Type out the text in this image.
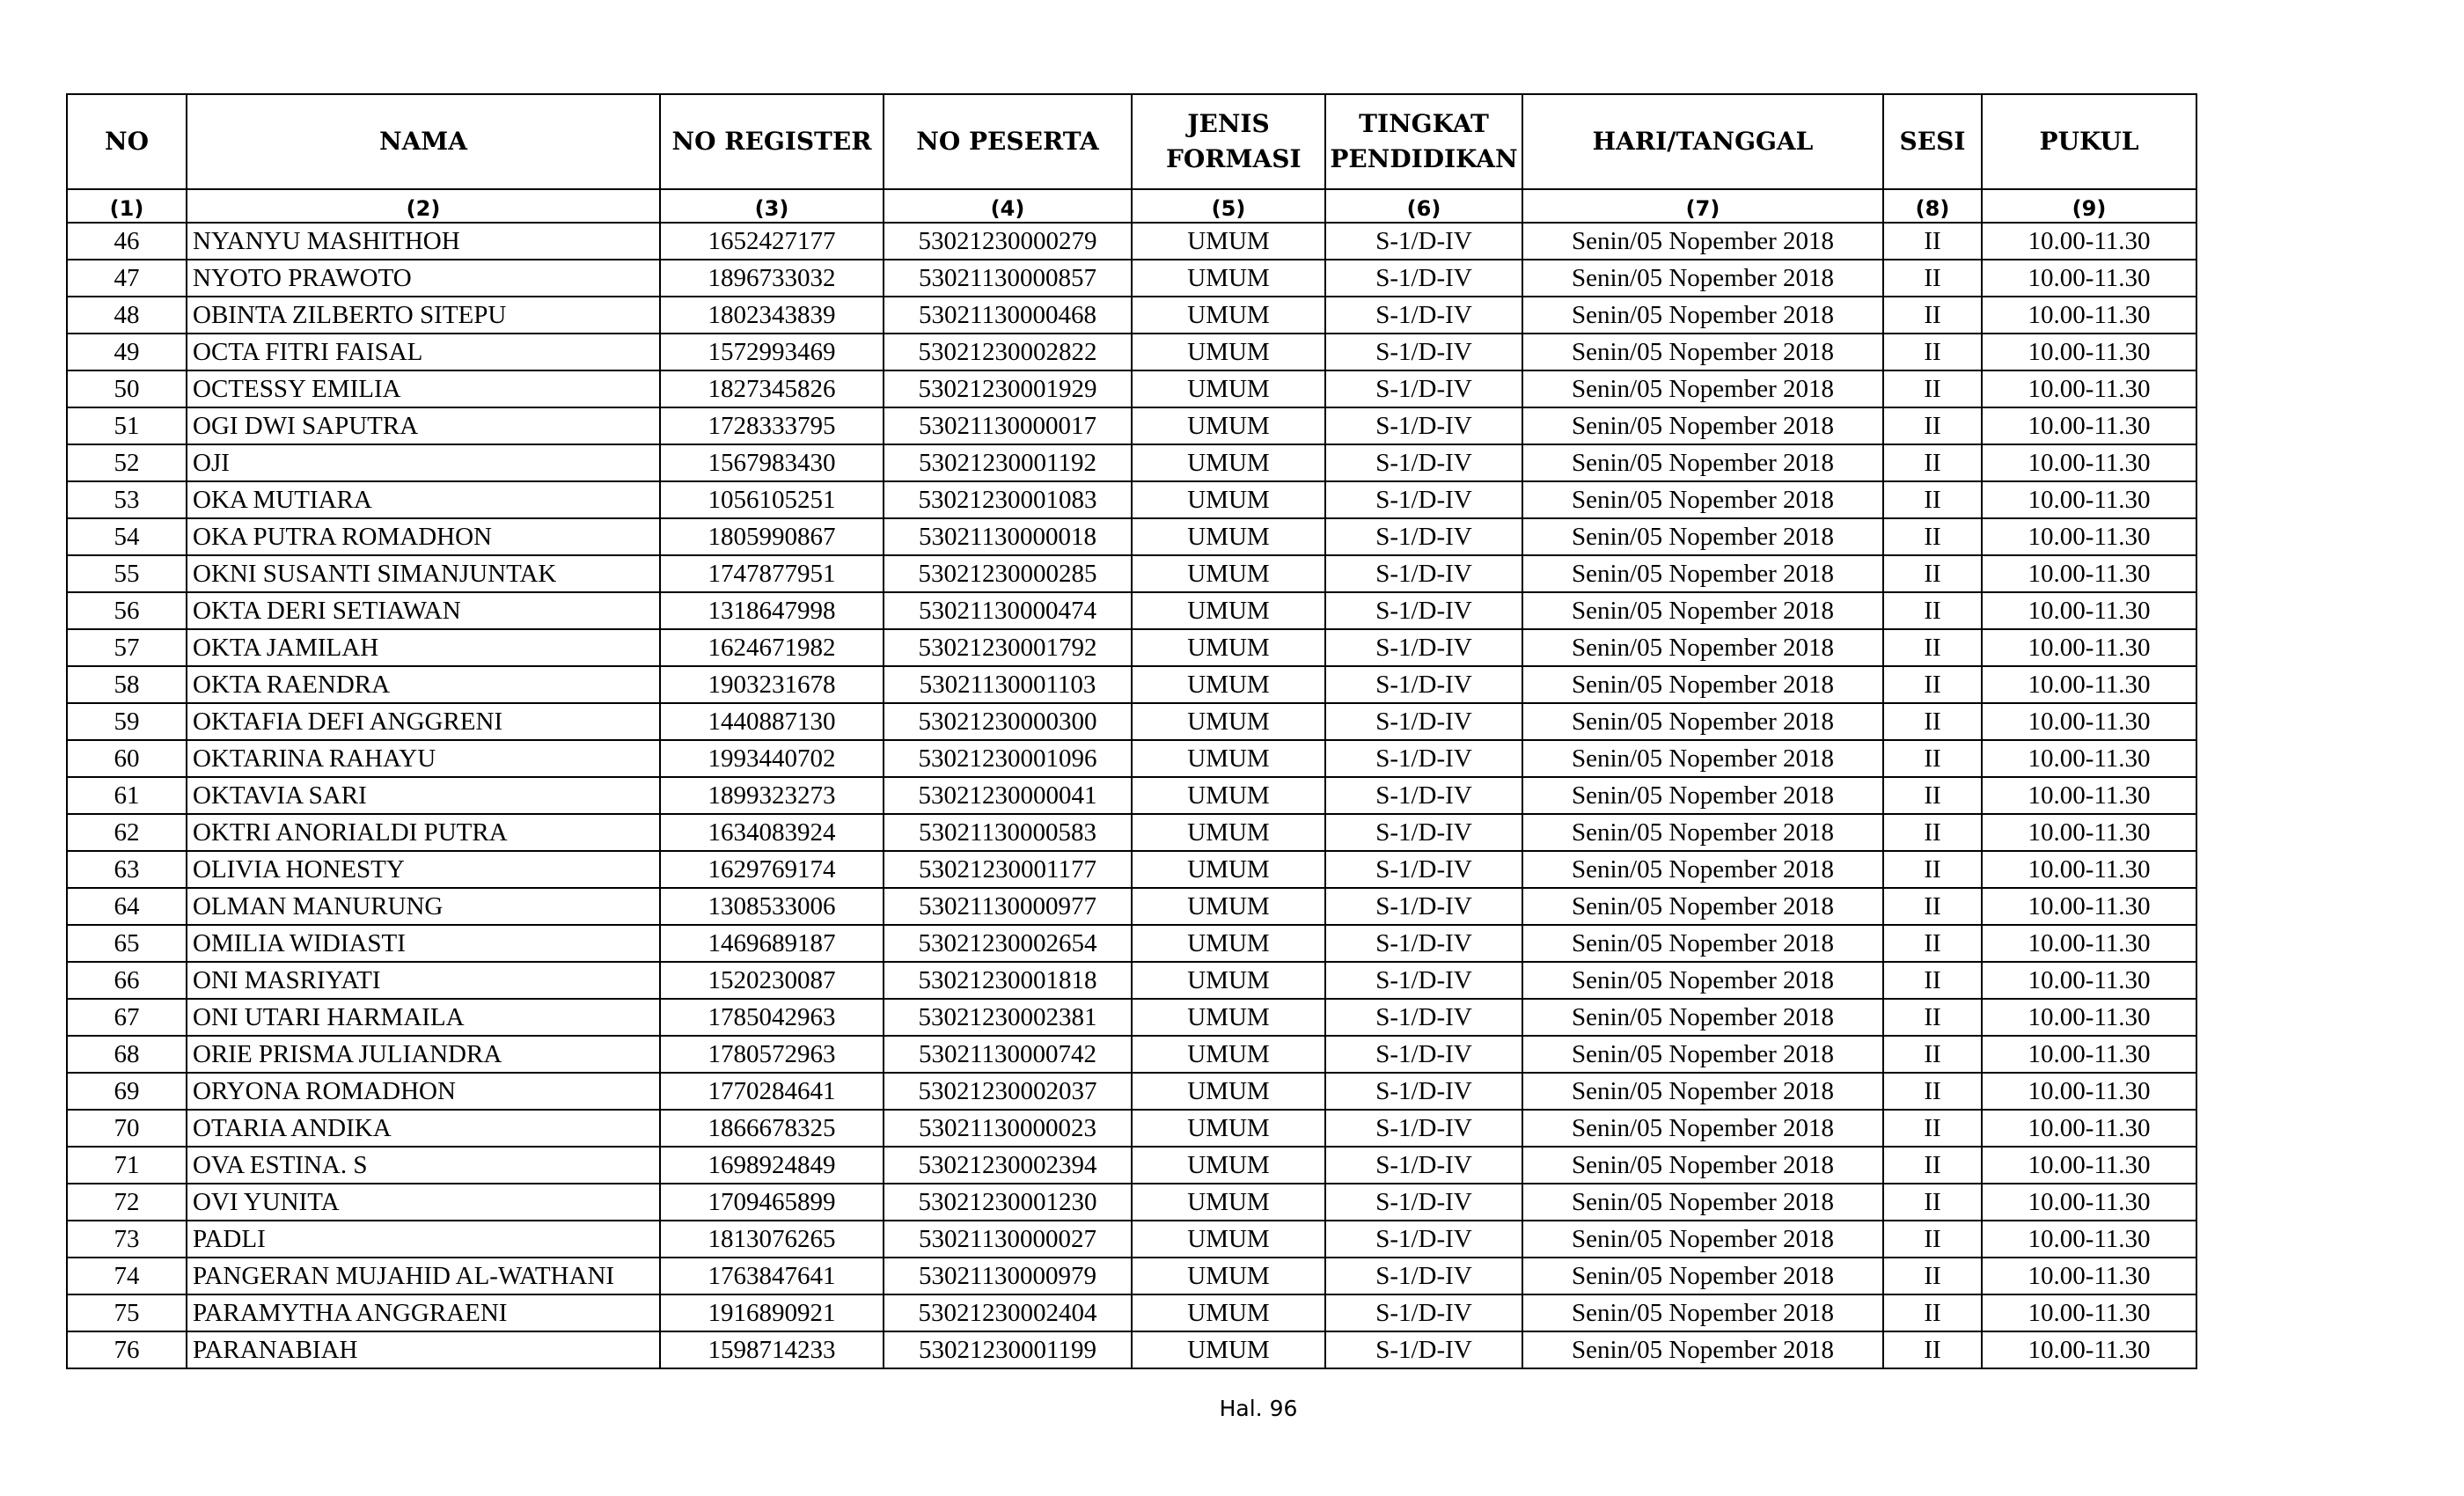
NO	NAMA	NO REGISTER	NO PESERTA	JENIS FORMASI	TINGKAT PENDIDIKAN	HARI/TANGGAL	SESI	PUKUL
(1)	(2)	(3)	(4)	(5)	(6)	(7)	(8)	(9)
46	NYANYU MASHITHOH	1652427177	53021230000279	UMUM	S-1/D-IV	Senin/05 Nopember 2018	II	10.00-11.30
47	NYOTO PRAWOTO	1896733032	53021130000857	UMUM	S-1/D-IV	Senin/05 Nopember 2018	II	10.00-11.30
48	OBINTA ZILBERTO SITEPU	1802343839	53021130000468	UMUM	S-1/D-IV	Senin/05 Nopember 2018	II	10.00-11.30
49	OCTA FITRI FAISAL	1572993469	53021230002822	UMUM	S-1/D-IV	Senin/05 Nopember 2018	II	10.00-11.30
50	OCTESSY EMILIA	1827345826	53021230001929	UMUM	S-1/D-IV	Senin/05 Nopember 2018	II	10.00-11.30
51	OGI DWI SAPUTRA	1728333795	53021130000017	UMUM	S-1/D-IV	Senin/05 Nopember 2018	II	10.00-11.30
52	OJI	1567983430	53021230001192	UMUM	S-1/D-IV	Senin/05 Nopember 2018	II	10.00-11.30
53	OKA MUTIARA	1056105251	53021230001083	UMUM	S-1/D-IV	Senin/05 Nopember 2018	II	10.00-11.30
54	OKA PUTRA ROMADHON	1805990867	53021130000018	UMUM	S-1/D-IV	Senin/05 Nopember 2018	II	10.00-11.30
55	OKNI SUSANTI SIMANJUNTAK	1747877951	53021230000285	UMUM	S-1/D-IV	Senin/05 Nopember 2018	II	10.00-11.30
56	OKTA DERI SETIAWAN	1318647998	53021130000474	UMUM	S-1/D-IV	Senin/05 Nopember 2018	II	10.00-11.30
57	OKTA JAMILAH	1624671982	53021230001792	UMUM	S-1/D-IV	Senin/05 Nopember 2018	II	10.00-11.30
58	OKTA RAENDRA	1903231678	53021130001103	UMUM	S-1/D-IV	Senin/05 Nopember 2018	II	10.00-11.30
59	OKTAFIA DEFI ANGGRENI	1440887130	53021230000300	UMUM	S-1/D-IV	Senin/05 Nopember 2018	II	10.00-11.30
60	OKTARINA RAHAYU	1993440702	53021230001096	UMUM	S-1/D-IV	Senin/05 Nopember 2018	II	10.00-11.30
61	OKTAVIA SARI	1899323273	53021230000041	UMUM	S-1/D-IV	Senin/05 Nopember 2018	II	10.00-11.30
62	OKTRI ANORIALDI PUTRA	1634083924	53021130000583	UMUM	S-1/D-IV	Senin/05 Nopember 2018	II	10.00-11.30
63	OLIVIA HONESTY	1629769174	53021230001177	UMUM	S-1/D-IV	Senin/05 Nopember 2018	II	10.00-11.30
64	OLMAN MANURUNG	1308533006	53021130000977	UMUM	S-1/D-IV	Senin/05 Nopember 2018	II	10.00-11.30
65	OMILIA WIDIASTI	1469689187	53021230002654	UMUM	S-1/D-IV	Senin/05 Nopember 2018	II	10.00-11.30
66	ONI MASRIYATI	1520230087	53021230001818	UMUM	S-1/D-IV	Senin/05 Nopember 2018	II	10.00-11.30
67	ONI UTARI HARMAILA	1785042963	53021230002381	UMUM	S-1/D-IV	Senin/05 Nopember 2018	II	10.00-11.30
68	ORIE PRISMA JULIANDRA	1780572963	53021130000742	UMUM	S-1/D-IV	Senin/05 Nopember 2018	II	10.00-11.30
69	ORYONA ROMADHON	1770284641	53021230002037	UMUM	S-1/D-IV	Senin/05 Nopember 2018	II	10.00-11.30
70	OTARIA ANDIKA	1866678325	53021130000023	UMUM	S-1/D-IV	Senin/05 Nopember 2018	II	10.00-11.30
71	OVA ESTINA. S	1698924849	53021230002394	UMUM	S-1/D-IV	Senin/05 Nopember 2018	II	10.00-11.30
72	OVI YUNITA	1709465899	53021230001230	UMUM	S-1/D-IV	Senin/05 Nopember 2018	II	10.00-11.30
73	PADLI	1813076265	53021130000027	UMUM	S-1/D-IV	Senin/05 Nopember 2018	II	10.00-11.30
74	PANGERAN MUJAHID AL-WATHANI	1763847641	53021130000979	UMUM	S-1/D-IV	Senin/05 Nopember 2018	II	10.00-11.30
75	PARAMYTHA ANGGRAENI	1916890921	53021230002404	UMUM	S-1/D-IV	Senin/05 Nopember 2018	II	10.00-11.30
76	PARANABIAH	1598714233	53021230001199	UMUM	S-1/D-IV	Senin/05 Nopember 2018	II	10.00-11.30
Hal. 96
